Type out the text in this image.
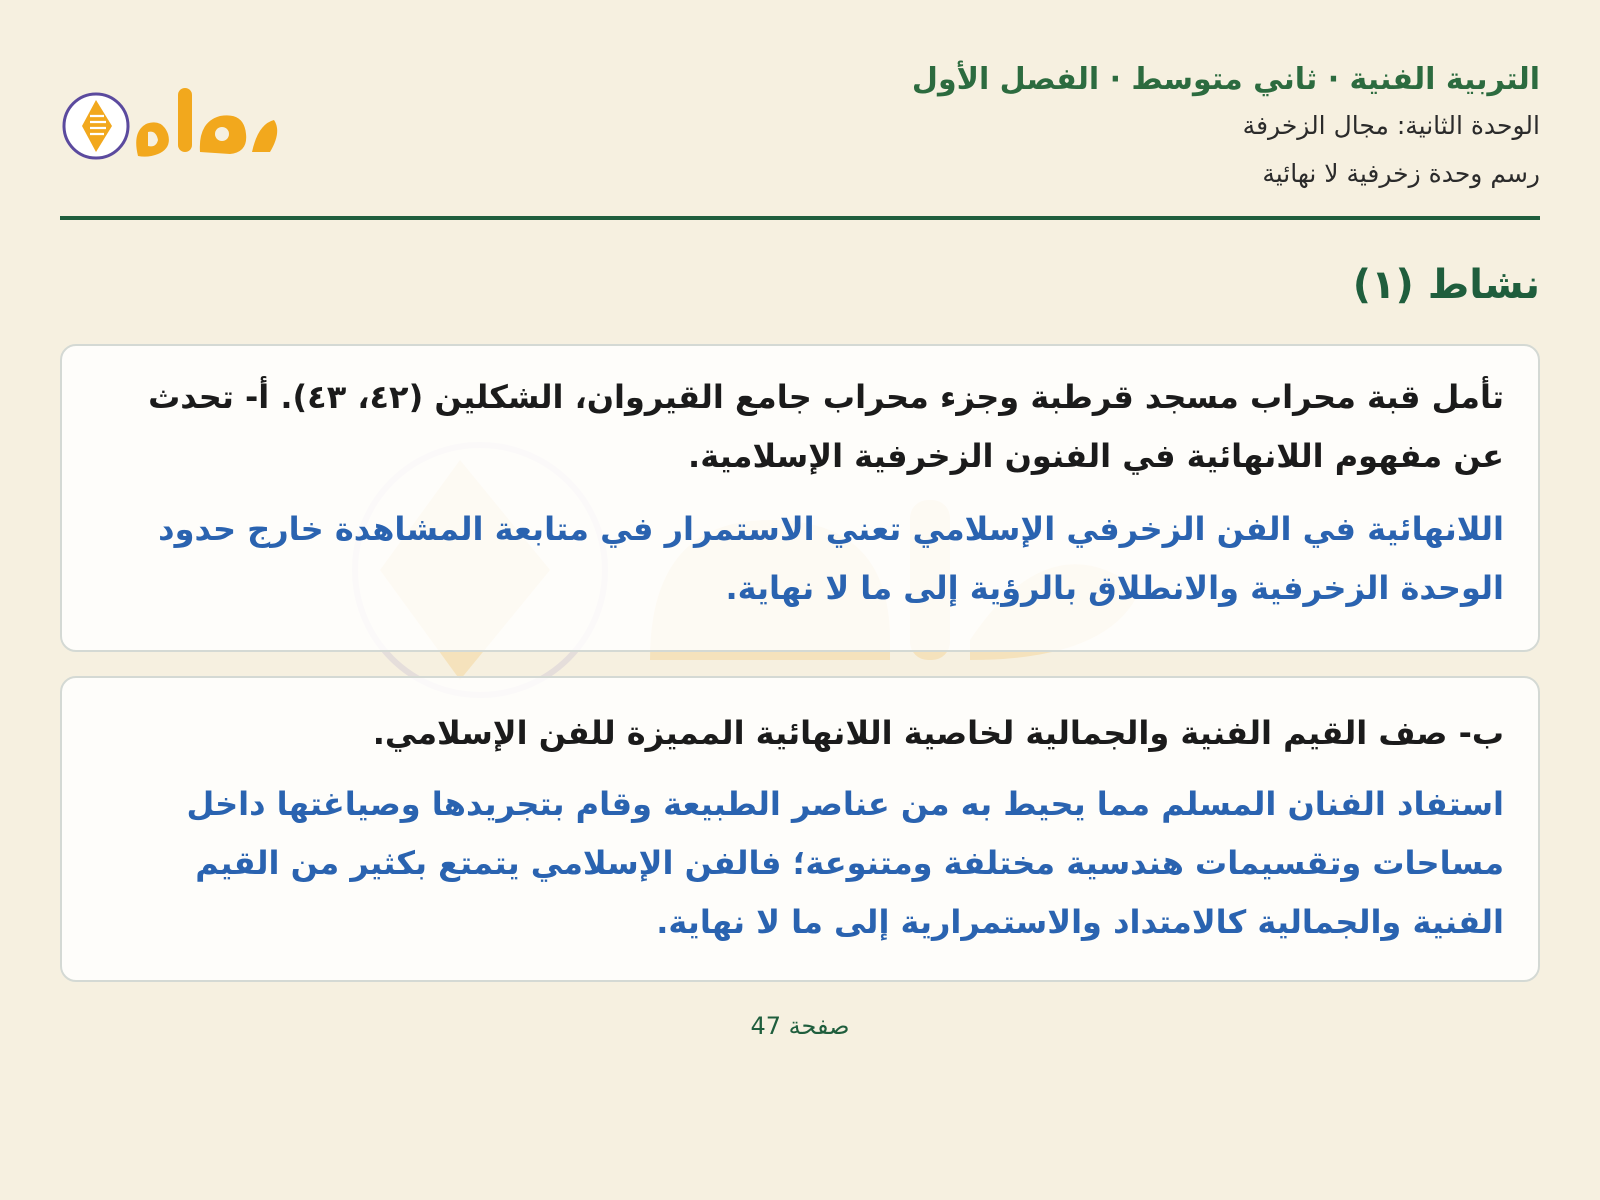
التربية الفنية · ثاني متوسط · الفصل الأول
الوحدة الثانية: مجال الزخرفة
رسم وحدة زخرفية لا نهائية
نشاط (١)
تأمل قبة محراب مسجد قرطبة وجزء محراب جامع القيروان، الشكلين (٤٢، ٤٣). أ- تحدث عن مفهوم اللانهائية في الفنون الزخرفية الإسلامية.
اللانهائية في الفن الزخرفي الإسلامي تعني الاستمرار في متابعة المشاهدة خارج حدود الوحدة الزخرفية والانطلاق بالرؤية إلى ما لا نهاية.
ب- صف القيم الفنية والجمالية لخاصية اللانهائية المميزة للفن الإسلامي.
استفاد الفنان المسلم مما يحيط به من عناصر الطبيعة وقام بتجريدها وصياغتها داخل مساحات وتقسيمات هندسية مختلفة ومتنوعة؛ فالفن الإسلامي يتمتع بكثير من القيم الفنية والجمالية كالامتداد والاستمرارية إلى ما لا نهاية.
صفحة 47
